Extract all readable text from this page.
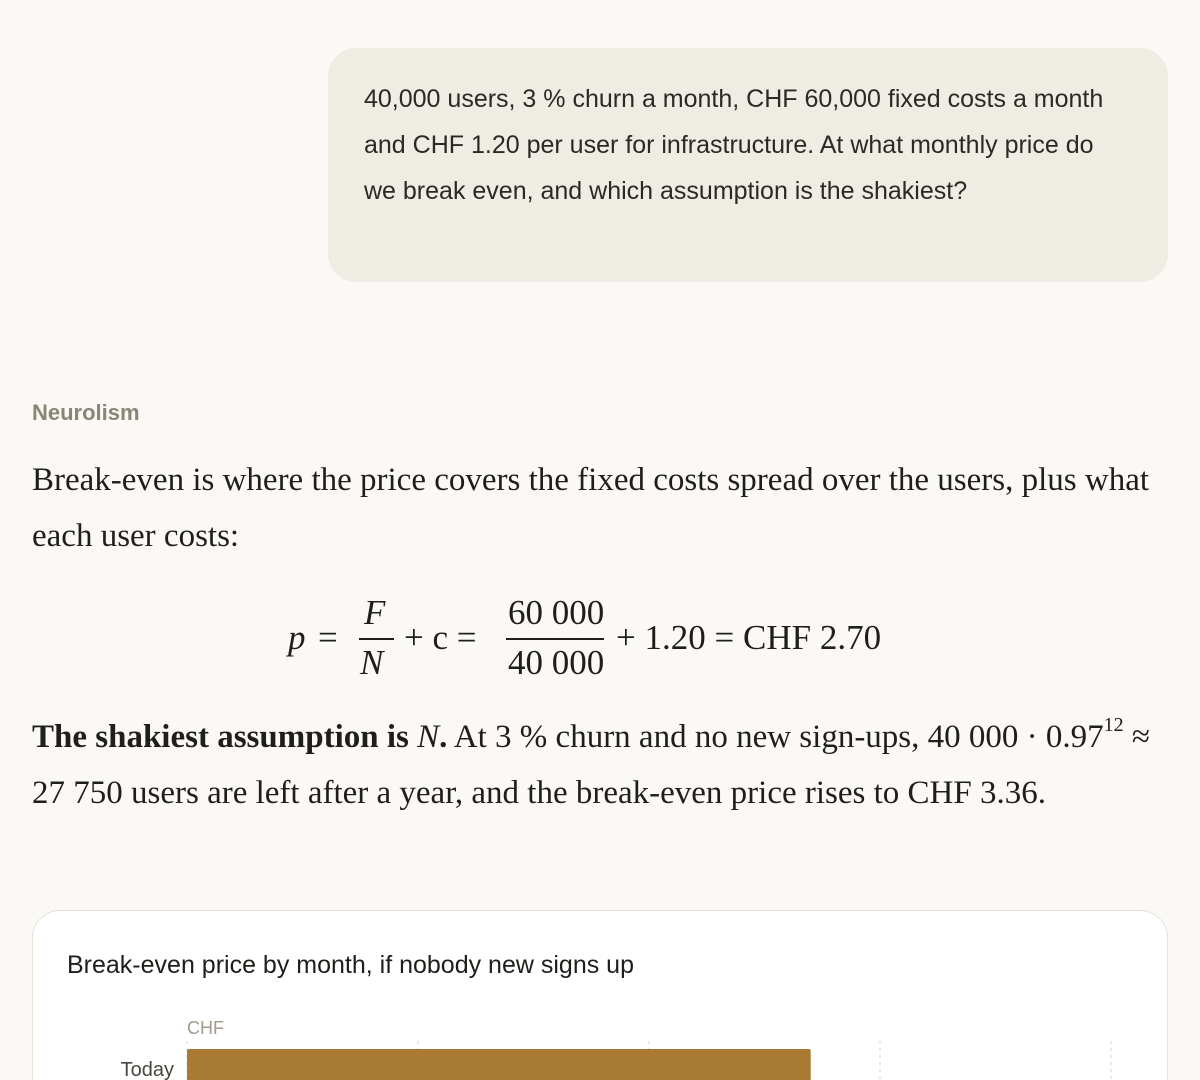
40,000 users, 3 % churn a month, CHF 60,000 fixed costs a month and CHF 1.20 per user for infrastructure. At what monthly price do we break even, and which assumption is the shakiest?
Neurolism
Break-even is where the price covers the fixed costs spread over the users, plus what each user costs:
p =
F
N
+ c =
60 000
40 000
+ 1.20 = CHF 2.70
The shakiest assumption is N. At 3 % churn and no new sign-ups, 40 $000 \cdot 0.97^{12} \approx 27$ 750 users are left after a year, and the break-even price rises to CHF 3.36.
Break-even price by month, if nobody new signs up
CHF
Today
